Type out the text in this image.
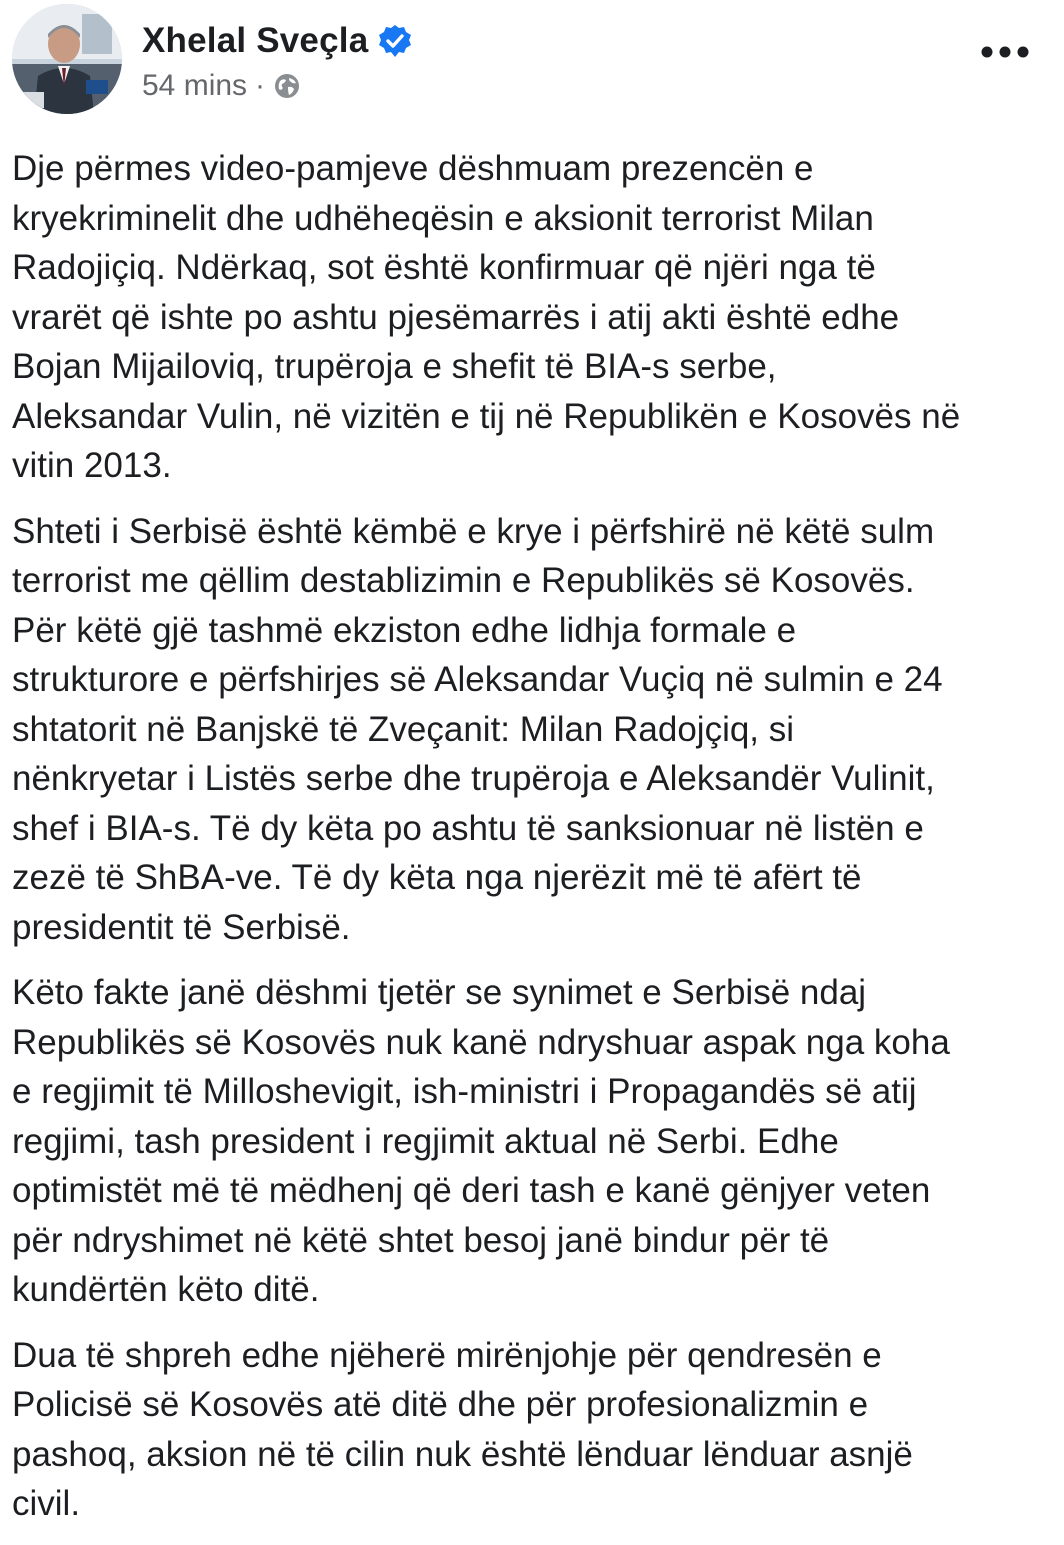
Xhelal Sveçla
54 mins ·

Dje përmes video-pamjeve dëshmuam prezencën e
kryekriminelit dhe udhëheqësin e aksionit terrorist Milan
Radojiçiq. Ndërkaq, sot është konfirmuar që njëri nga të
vrarët që ishte po ashtu pjesëmarrës i atij akti është edhe
Bojan Mijailoviq, trupëroja e shefit të BIA-s serbe,
Aleksandar Vulin, në vizitën e tij në Republikën e Kosovës në
vitin 2013.

Shteti i Serbisë është këmbë e krye i përfshirë në këtë sulm
terrorist me qëllim destablizimin e Republikës së Kosovës.
Për këtë gjë tashmë ekziston edhe lidhja formale e
strukturore e përfshirjes së Aleksandar Vuçiq në sulmin e 24
shtatorit në Banjskë të Zveçanit: Milan Radojçiq, si
nënkryetar i Listës serbe dhe trupëroja e Aleksandër Vulinit,
shef i BIA-s. Të dy këta po ashtu të sanksionuar në listën e
zezë të ShBA-ve. Të dy këta nga njerëzit më të afërt të
presidentit të Serbisë.

Këto fakte janë dëshmi tjetër se synimet e Serbisë ndaj
Republikës së Kosovës nuk kanë ndryshuar aspak nga koha
e regjimit të Milloshevigit, ish-ministri i Propagandës së atij
regjimi, tash president i regjimit aktual në Serbi. Edhe
optimistët më të mëdhenj që deri tash e kanë gënjyer veten
për ndryshimet në këtë shtet besoj janë bindur për të
kundërtën këto ditë.

Dua të shpreh edhe njëherë mirënjohje për qendresën e
Policisë së Kosovës atë ditë dhe për profesionalizmin e
pashoq, aksion në të cilin nuk është lënduar lënduar asnjë
civil.
